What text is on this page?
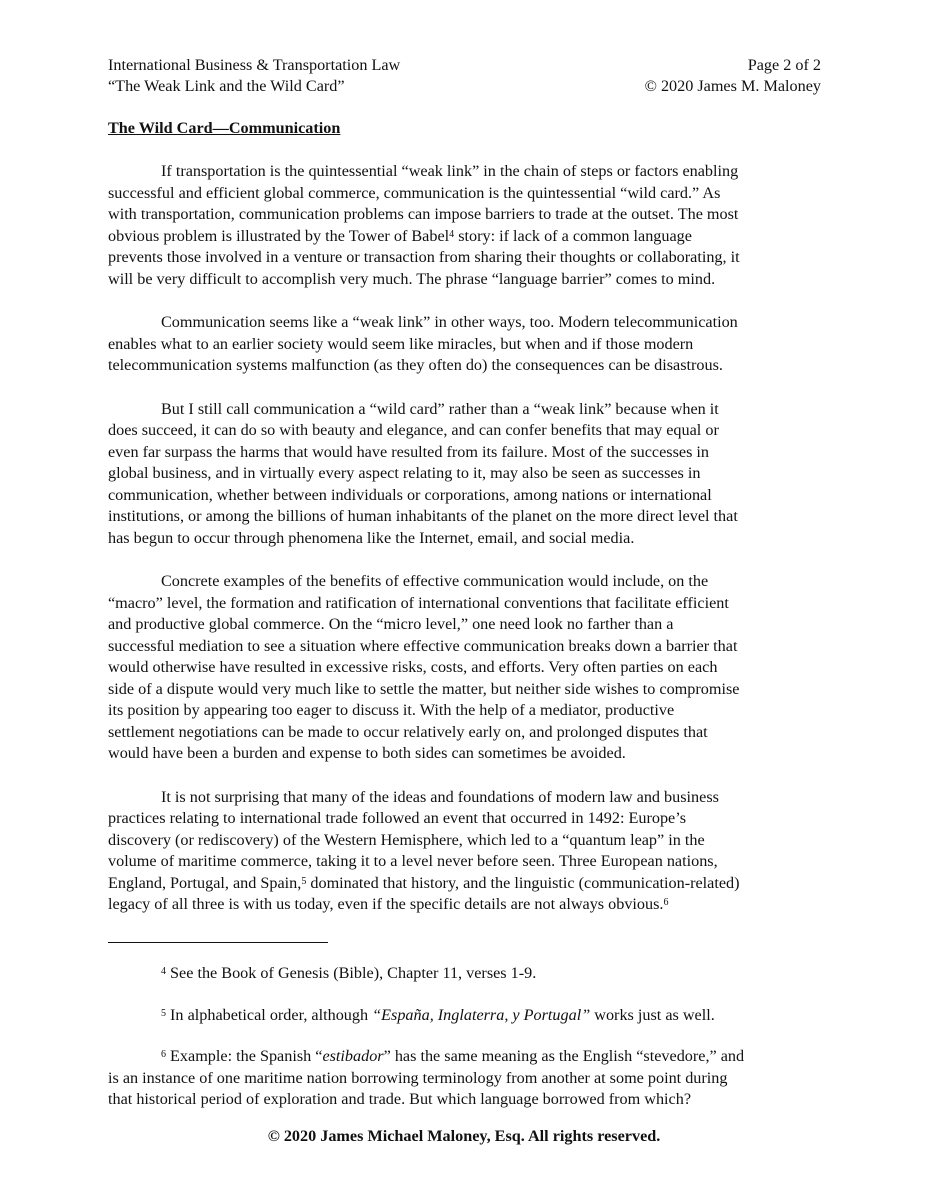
International Business & Transportation Law
“The Weak Link and the Wild Card”
Page 2 of 2
© 2020 James M. Maloney
The Wild Card—Communication
If transportation is the quintessential “weak link” in the chain of steps or factors enabling
successful and efficient global commerce, communication is the quintessential “wild card.” As
with transportation, communication problems can impose barriers to trade at the outset. The most
obvious problem is illustrated by the Tower of Babel$^4$ story: if lack of a common language
prevents those involved in a venture or transaction from sharing their thoughts or collaborating, it
will be very difficult to accomplish very much. The phrase “language barrier” comes to mind.
Communication seems like a “weak link” in other ways, too. Modern telecommunication
enables what to an earlier society would seem like miracles, but when and if those modern
telecommunication systems malfunction (as they often do) the consequences can be disastrous.
But I still call communication a “wild card” rather than a “weak link” because when it
does succeed, it can do so with beauty and elegance, and can confer benefits that may equal or
even far surpass the harms that would have resulted from its failure. Most of the successes in
global business, and in virtually every aspect relating to it, may also be seen as successes in
communication, whether between individuals or corporations, among nations or international
institutions, or among the billions of human inhabitants of the planet on the more direct level that
has begun to occur through phenomena like the Internet, email, and social media.
Concrete examples of the benefits of effective communication would include, on the
“macro” level, the formation and ratification of international conventions that facilitate efficient
and productive global commerce. On the “micro level,” one need look no farther than a
successful mediation to see a situation where effective communication breaks down a barrier that
would otherwise have resulted in excessive risks, costs, and efforts. Very often parties on each
side of a dispute would very much like to settle the matter, but neither side wishes to compromise
its position by appearing too eager to discuss it. With the help of a mediator, productive
settlement negotiations can be made to occur relatively early on, and prolonged disputes that
would have been a burden and expense to both sides can sometimes be avoided.
It is not surprising that many of the ideas and foundations of modern law and business
practices relating to international trade followed an event that occurred in 1492: Europe’s
discovery (or rediscovery) of the Western Hemisphere, which led to a “quantum leap” in the
volume of maritime commerce, taking it to a level never before seen. Three European nations,
England, Portugal, and Spain,$^5$ dominated that history, and the linguistic (communication-related)
legacy of all three is with us today, even if the specific details are not always obvious.$^6$
$^4$ See the Book of Genesis (Bible), Chapter 11, verses 1-9.
$^5$ In alphabetical order, although “España, Inglaterra, y Portugal” works just as well.
$^6$ Example: the Spanish “estibador” has the same meaning as the English “stevedore,” and
is an instance of one maritime nation borrowing terminology from another at some point during
that historical period of exploration and trade. But which language borrowed from which?
© 2020 James Michael Maloney, Esq. All rights reserved.
